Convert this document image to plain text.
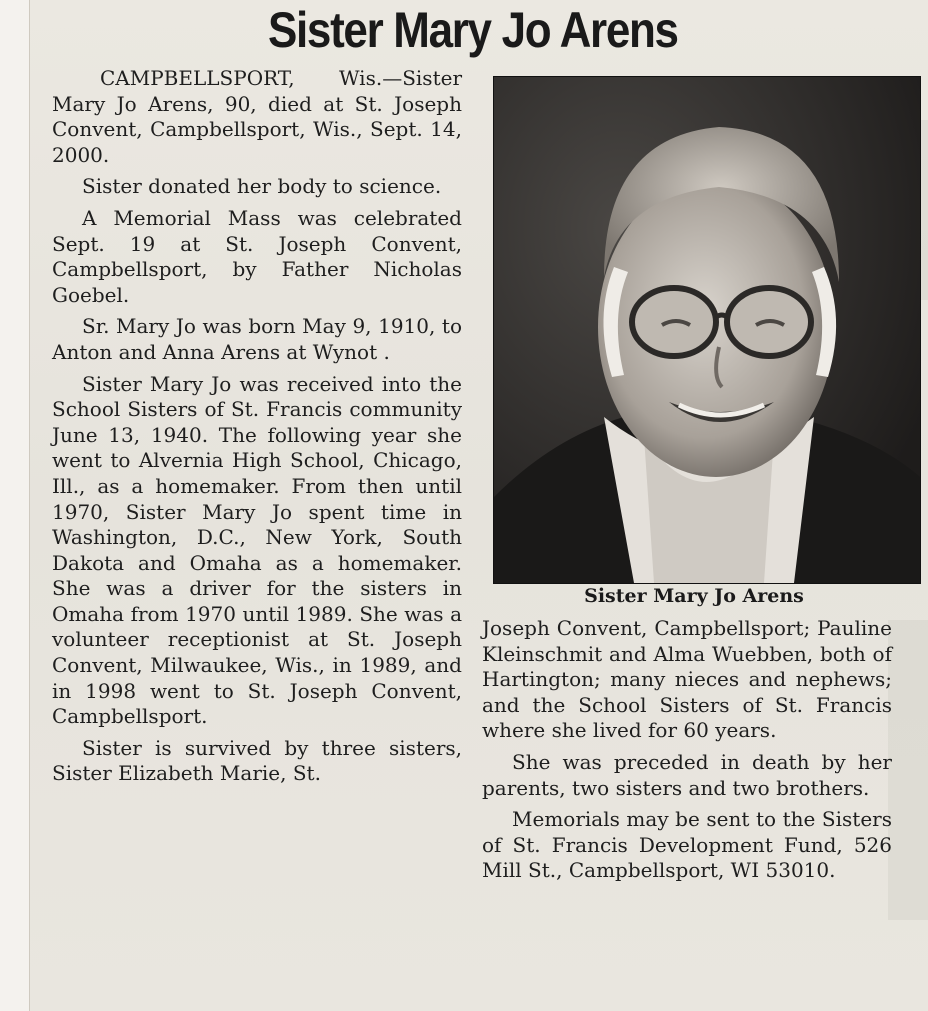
Sister Mary Jo Arens

CAMPBELLSPORT, Wis.—Sister Mary Jo Arens, 90, died at St. Joseph Convent, Campbellsport, Wis., Sept. 14, 2000.

Sister donated her body to science.

A Memorial Mass was celebrated Sept. 19 at St. Joseph Convent, Campbellsport, by Father Nicholas Goebel.

Sr. Mary Jo was born May 9, 1910, to Anton and Anna Arens at Wynot .

Sister Mary Jo was received into the School Sisters of St. Francis community June 13, 1940. The following year she went to Alvernia High School, Chicago, Ill., as a homemaker. From then until 1970, Sister Mary Jo spent time in Washington, D.C., New York, South Dakota and Omaha as a homemaker. She was a driver for the sisters in Omaha from 1970 until 1989. She was a volunteer receptionist at St. Joseph Convent, Milwaukee, Wis., in 1989, and in 1998 went to St. Joseph Convent, Campbellsport.

Sister is survived by three sisters, Sister Elizabeth Marie, St.

Sister Mary Jo Arens

Joseph Convent, Campbellsport; Pauline Kleinschmit and Alma Wuebben, both of Hartington; many nieces and nephews; and the School Sisters of St. Francis where she lived for 60 years.

She was preceded in death by her parents, two sisters and two brothers.

Memorials may be sent to the Sisters of St. Francis Development Fund, 526 Mill St., Campbellsport, WI 53010.
